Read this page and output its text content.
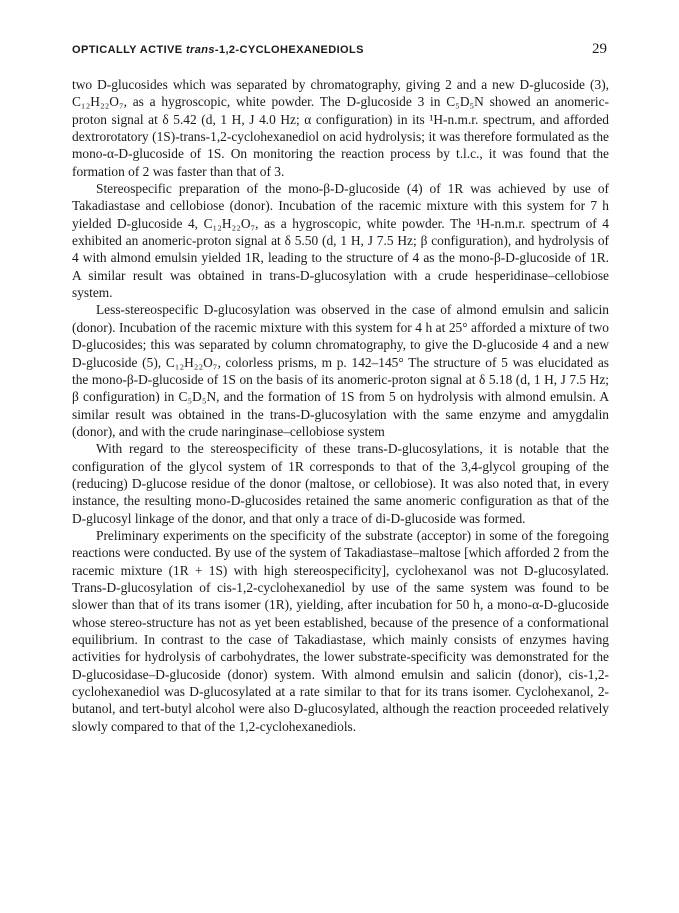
OPTICALLY ACTIVE trans-1,2-CYCLOHEXANEDIOLS	29

two D-glucosides which was separated by chromatography, giving 2 and a new D-glucoside (3), C₁₂H₂₂O₇, as a hygroscopic, white powder. The D-glucoside 3 in C₅D₅N showed an anomeric-proton signal at δ 5.42 (d, 1 H, J 4.0 Hz; α configuration) in its ¹H-n.m.r. spectrum, and afforded dextrorotatory (1S)-trans-1,2-cyclohexanediol on acid hydrolysis; it was therefore formulated as the mono-α-D-glucoside of 1S. On monitoring the reaction process by t.l.c., it was found that the formation of 2 was faster than that of 3.

Stereospecific preparation of the mono-β-D-glucoside (4) of 1R was achieved by use of Takadiastase and cellobiose (donor). Incubation of the racemic mixture with this system for 7 h yielded D-glucoside 4, C₁₂H₂₂O₇, as a hygroscopic, white powder. The ¹H-n.m.r. spectrum of 4 exhibited an anomeric-proton signal at δ 5.50 (d, 1 H, J 7.5 Hz; β configuration), and hydrolysis of 4 with almond emulsin yielded 1R, leading to the structure of 4 as the mono-β-D-glucoside of 1R. A similar result was obtained in trans-D-glucosylation with a crude hesperidinase–cellobiose system.

Less-stereospecific D-glucosylation was observed in the case of almond emulsin and salicin (donor). Incubation of the racemic mixture with this system for 4 h at 25° afforded a mixture of two D-glucosides; this was separated by column chromatography, to give the D-glucoside 4 and a new D-glucoside (5), C₁₂H₂₂O₇, colorless prisms, m p. 142–145° The structure of 5 was elucidated as the mono-β-D-glucoside of 1S on the basis of its anomeric-proton signal at δ 5.18 (d, 1 H, J 7.5 Hz; β configuration) in C₅D₅N, and the formation of 1S from 5 on hydrolysis with almond emulsin. A similar result was obtained in the trans-D-glucosylation with the same enzyme and amygdalin (donor), and with the crude naringinase–cellobiose system

With regard to the stereospecificity of these trans-D-glucosylations, it is notable that the configuration of the glycol system of 1R corresponds to that of the 3,4-glycol grouping of the (reducing) D-glucose residue of the donor (maltose, or cellobiose). It was also noted that, in every instance, the resulting mono-D-glucosides retained the same anomeric configuration as that of the D-glucosyl linkage of the donor, and that only a trace of di-D-glucoside was formed.

Preliminary experiments on the specificity of the substrate (acceptor) in some of the foregoing reactions were conducted. By use of the system of Takadiastase–maltose [which afforded 2 from the racemic mixture (1R + 1S) with high stereospecificity], cyclohexanol was not D-glucosylated. Trans-D-glucosylation of cis-1,2-cyclohexanediol by use of the same system was found to be slower than that of its trans isomer (1R), yielding, after incubation for 50 h, a mono-α-D-glucoside whose stereo-structure has not as yet been established, because of the presence of a conformational equilibrium. In contrast to the case of Takadiastase, which mainly consists of enzymes having activities for hydrolysis of carbohydrates, the lower substrate-specificity was demonstrated for the D-glucosidase–D-glucoside (donor) system. With almond emulsin and salicin (donor), cis-1,2-cyclohexanediol was D-glucosylated at a rate similar to that for its trans isomer. Cyclohexanol, 2-butanol, and tert-butyl alcohol were also D-glucosylated, although the reaction proceeded relatively slowly compared to that of the 1,2-cyclohexanediols.
